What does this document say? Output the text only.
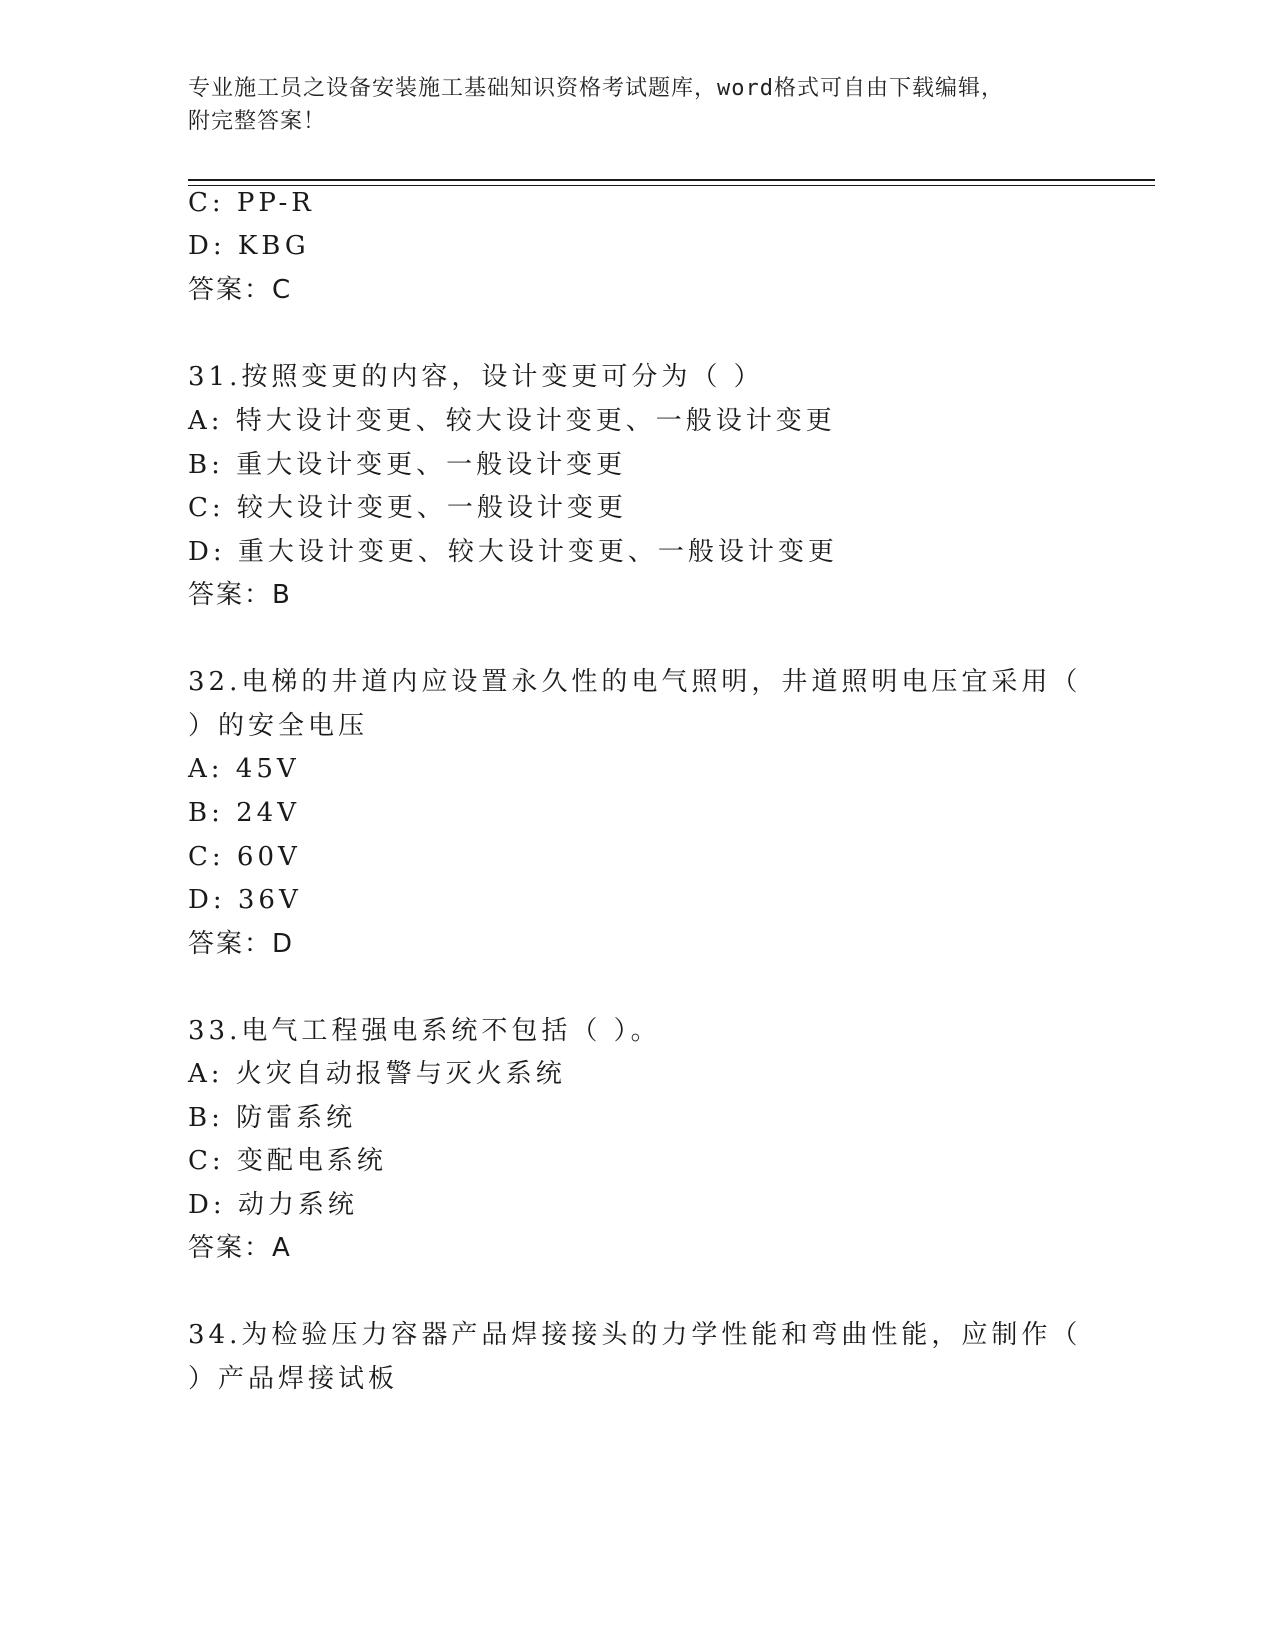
专业施工员之设备安装施工基础知识资格考试题库，word格式可自由下载编辑，
附完整答案！
C: PP-R
D: KBG
答案：C
31.按照变更的内容，设计变更可分为（ ）
A: 特大设计变更、较大设计变更、一般设计变更
B: 重大设计变更、一般设计变更
C: 较大设计变更、一般设计变更
D: 重大设计变更、较大设计变更、一般设计变更
答案：B
32.电梯的井道内应设置永久性的电气照明，井道照明电压宜采用（
）的安全电压
A: 45V
B: 24V
C: 60V
D: 36V
答案：D
33.电气工程强电系统不包括（ ）。
A: 火灾自动报警与灭火系统
B: 防雷系统
C: 变配电系统
D: 动力系统
答案：A
34.为检验压力容器产品焊接接头的力学性能和弯曲性能，应制作（
）产品焊接试板
